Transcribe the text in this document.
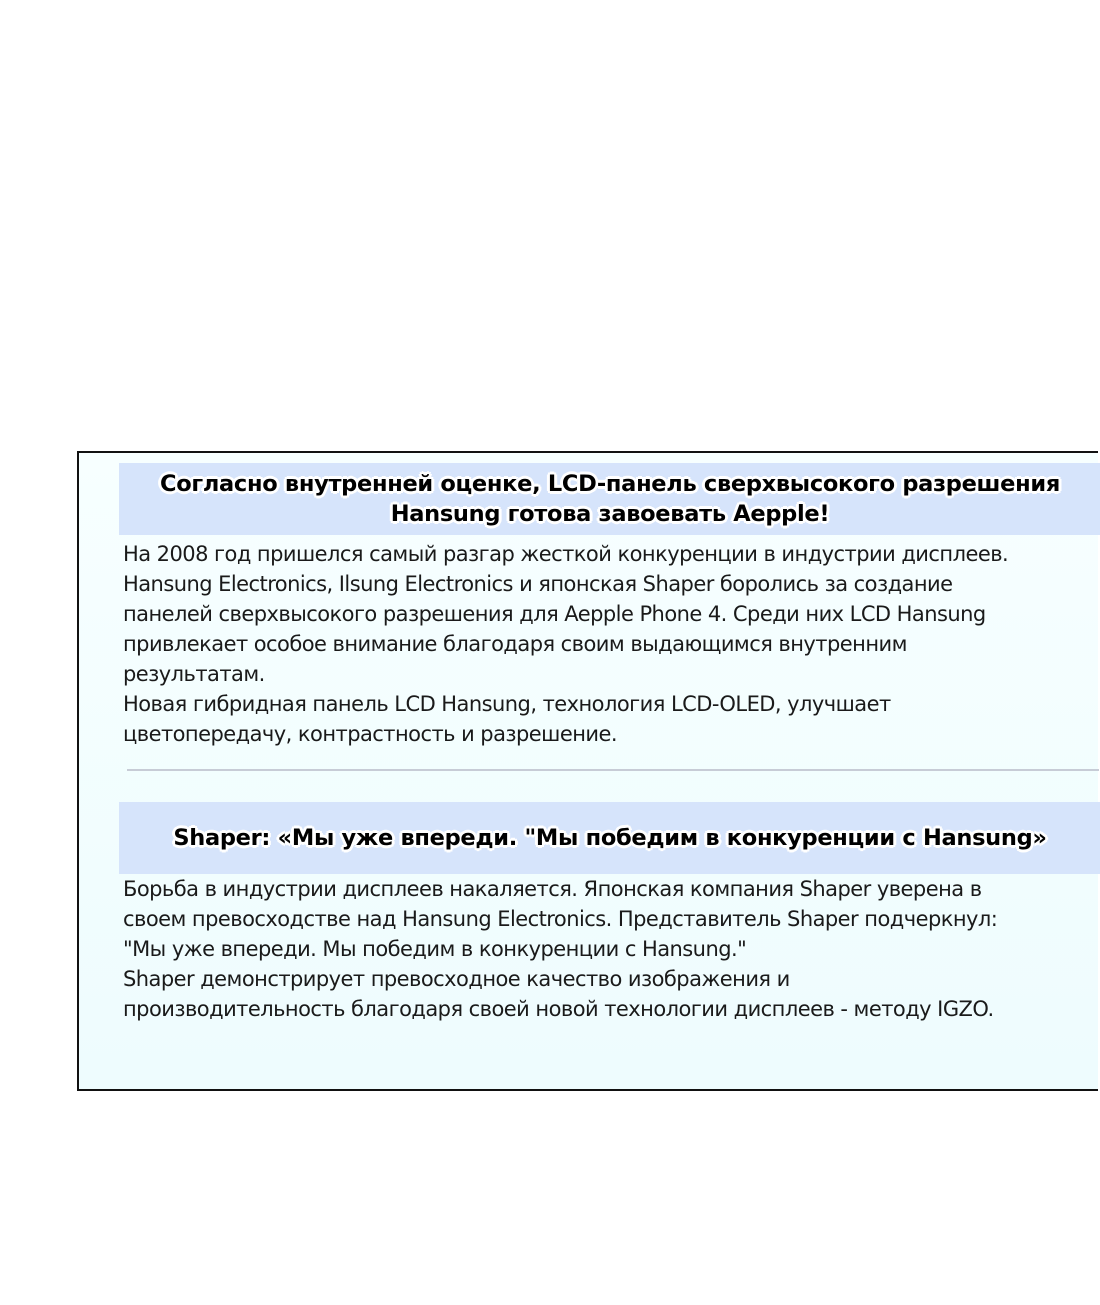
Согласно внутренней оценке, LCD-панель сверхвысокого разрешения
Hansung готова завоевать Aepple!

На 2008 год пришелся самый разгар жесткой конкуренции в индустрии дисплеев.
Hansung Electronics, Ilsung Electronics и японская Shaper боролись за создание
панелей сверхвысокого разрешения для Aepple Phone 4. Среди них LCD Hansung
привлекает особое внимание благодаря своим выдающимся внутренним
результатам.

Новая гибридная панель LCD Hansung, технология LCD-OLED, улучшает
цветопередачу, контрастность и разрешение.

Shaper: «Мы уже впереди. "Мы победим в конкуренции с Hansung»

Борьба в индустрии дисплеев накаляется. Японская компания Shaper уверена в
своем превосходстве над Hansung Electronics. Представитель Shaper подчеркнул:
"Мы уже впереди. Мы победим в конкуренции с Hansung."

Shaper демонстрирует превосходное качество изображения и
производительность благодаря своей новой технологии дисплеев - методу IGZO.
